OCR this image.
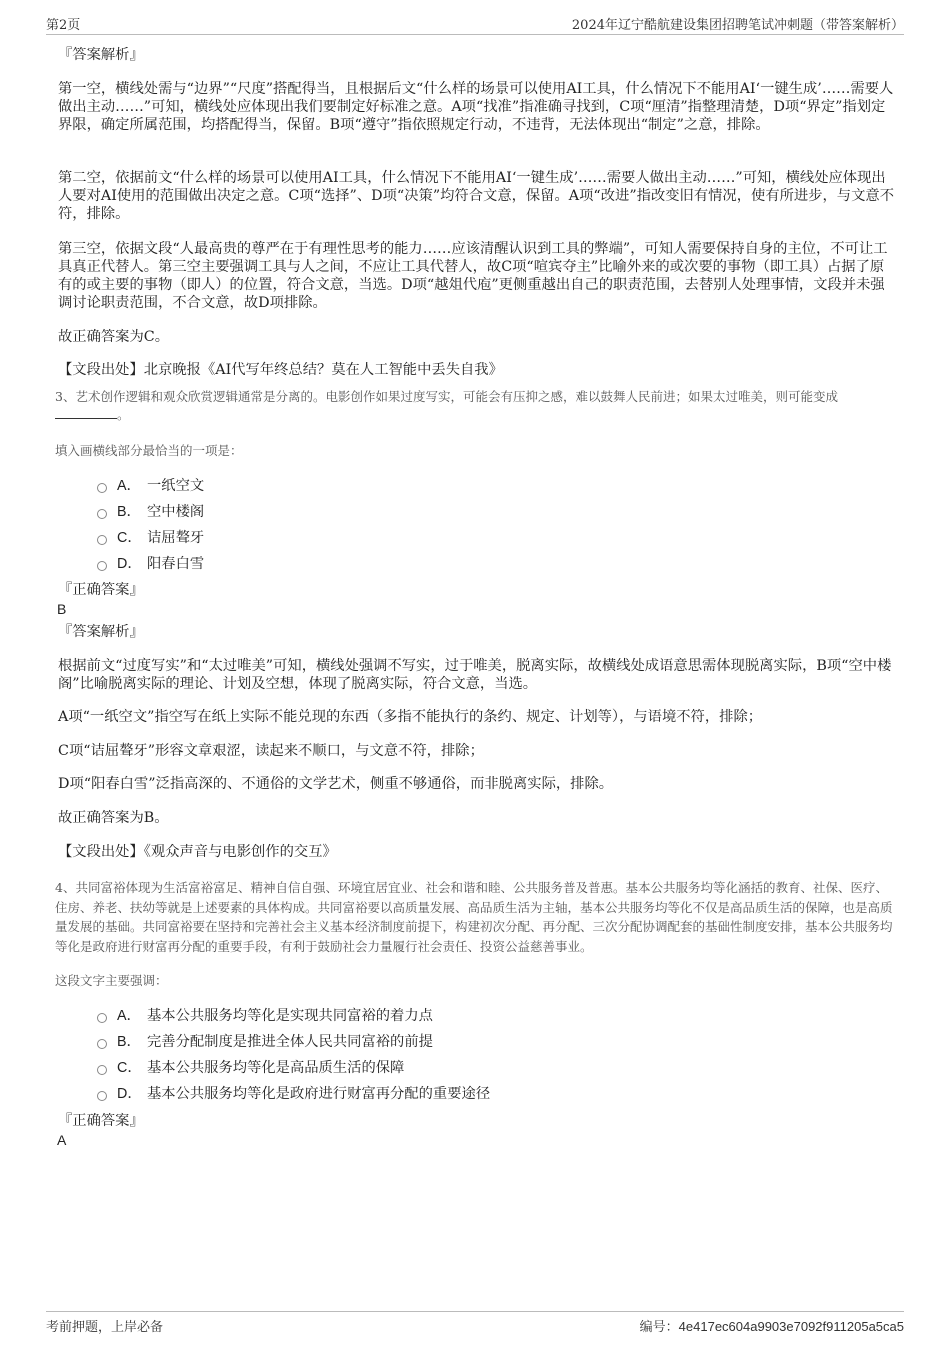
第2页	2024年辽宁酷航建设集团招聘笔试冲刺题（带答案解析）
『答案解析』
第一空，横线处需与“边界”“尺度”搭配得当，且根据后文“什么样的场景可以使用AI工具，什么情况下不能用AI‘一键生成’……需要人做出主动……”可知，横线处应体现出我们要制定好标准之意。A项“找准”指准确寻找到，C项“厘清”指整理清楚，D项“界定”指划定界限，确定所属范围，均搭配得当，保留。B项“遵守”指依照规定行动，不违背，无法体现出“制定”之意，排除。
第二空，依据前文“什么样的场景可以使用AI工具，什么情况下不能用AI‘一键生成’……需要人做出主动……”可知，横线处应体现出人要对AI使用的范围做出决定之意。C项“选择”、D项“决策”均符合文意，保留。A项“改进”指改变旧有情况，使有所进步，与文意不符，排除。
第三空，依据文段“人最高贵的尊严在于有理性思考的能力……应该清醒认识到工具的弊端”，可知人需要保持自身的主位，不可让工具真正代替人。第三空主要强调工具与人之间，不应让工具代替人，故C项“喧宾夺主”比喻外来的或次要的事物（即工具）占据了原有的或主要的事物（即人）的位置，符合文意，当选。D项“越俎代庖”更侧重越出自己的职责范围，去替别人处理事情，文段并未强调讨论职责范围，不合文意，故D项排除。
故正确答案为C。
【文段出处】北京晚报《AI代写年终总结？莫在人工智能中丢失自我》
3、艺术创作逻辑和观众欣赏逻辑通常是分离的。电影创作如果过度写实，可能会有压抑之感，难以鼓舞人民前进；如果太过唯美，则可能变成。
填入画横线部分最恰当的一项是：
A． 一纸空文
B． 空中楼阁
C． 诘屈聱牙
D． 阳春白雪
『正确答案』
B
『答案解析』
根据前文“过度写实”和“太过唯美”可知，横线处强调不写实，过于唯美，脱离实际，故横线处成语意思需体现脱离实际，B项“空中楼阁”比喻脱离实际的理论、计划及空想，体现了脱离实际，符合文意，当选。
A项“一纸空文”指空写在纸上实际不能兑现的东西（多指不能执行的条约、规定、计划等），与语境不符，排除；
C项“诘屈聱牙”形容文章艰涩，读起来不顺口，与文意不符，排除；
D项“阳春白雪”泛指高深的、不通俗的文学艺术，侧重不够通俗，而非脱离实际，排除。
故正确答案为B。
【文段出处】《观众声音与电影创作的交互》
4、共同富裕体现为生活富裕富足、精神自信自强、环境宜居宜业、社会和谐和睦、公共服务普及普惠。基本公共服务均等化涵括的教育、社保、医疗、住房、养老、扶幼等就是上述要素的具体构成。共同富裕要以高质量发展、高品质生活为主轴，基本公共服务均等化不仅是高品质生活的保障，也是高质量发展的基础。共同富裕要在坚持和完善社会主义基本经济制度前提下，构建初次分配、再分配、三次分配协调配套的基础性制度安排，基本公共服务均等化是政府进行财富再分配的重要手段，有利于鼓励社会力量履行社会责任、投资公益慈善事业。
这段文字主要强调：
A． 基本公共服务均等化是实现共同富裕的着力点
B． 完善分配制度是推进全体人民共同富裕的前提
C． 基本公共服务均等化是高品质生活的保障
D． 基本公共服务均等化是政府进行财富再分配的重要途径
『正确答案』
A
考前押题，上岸必备	编号：4e417ec604a9903e7092f911205a5ca5
